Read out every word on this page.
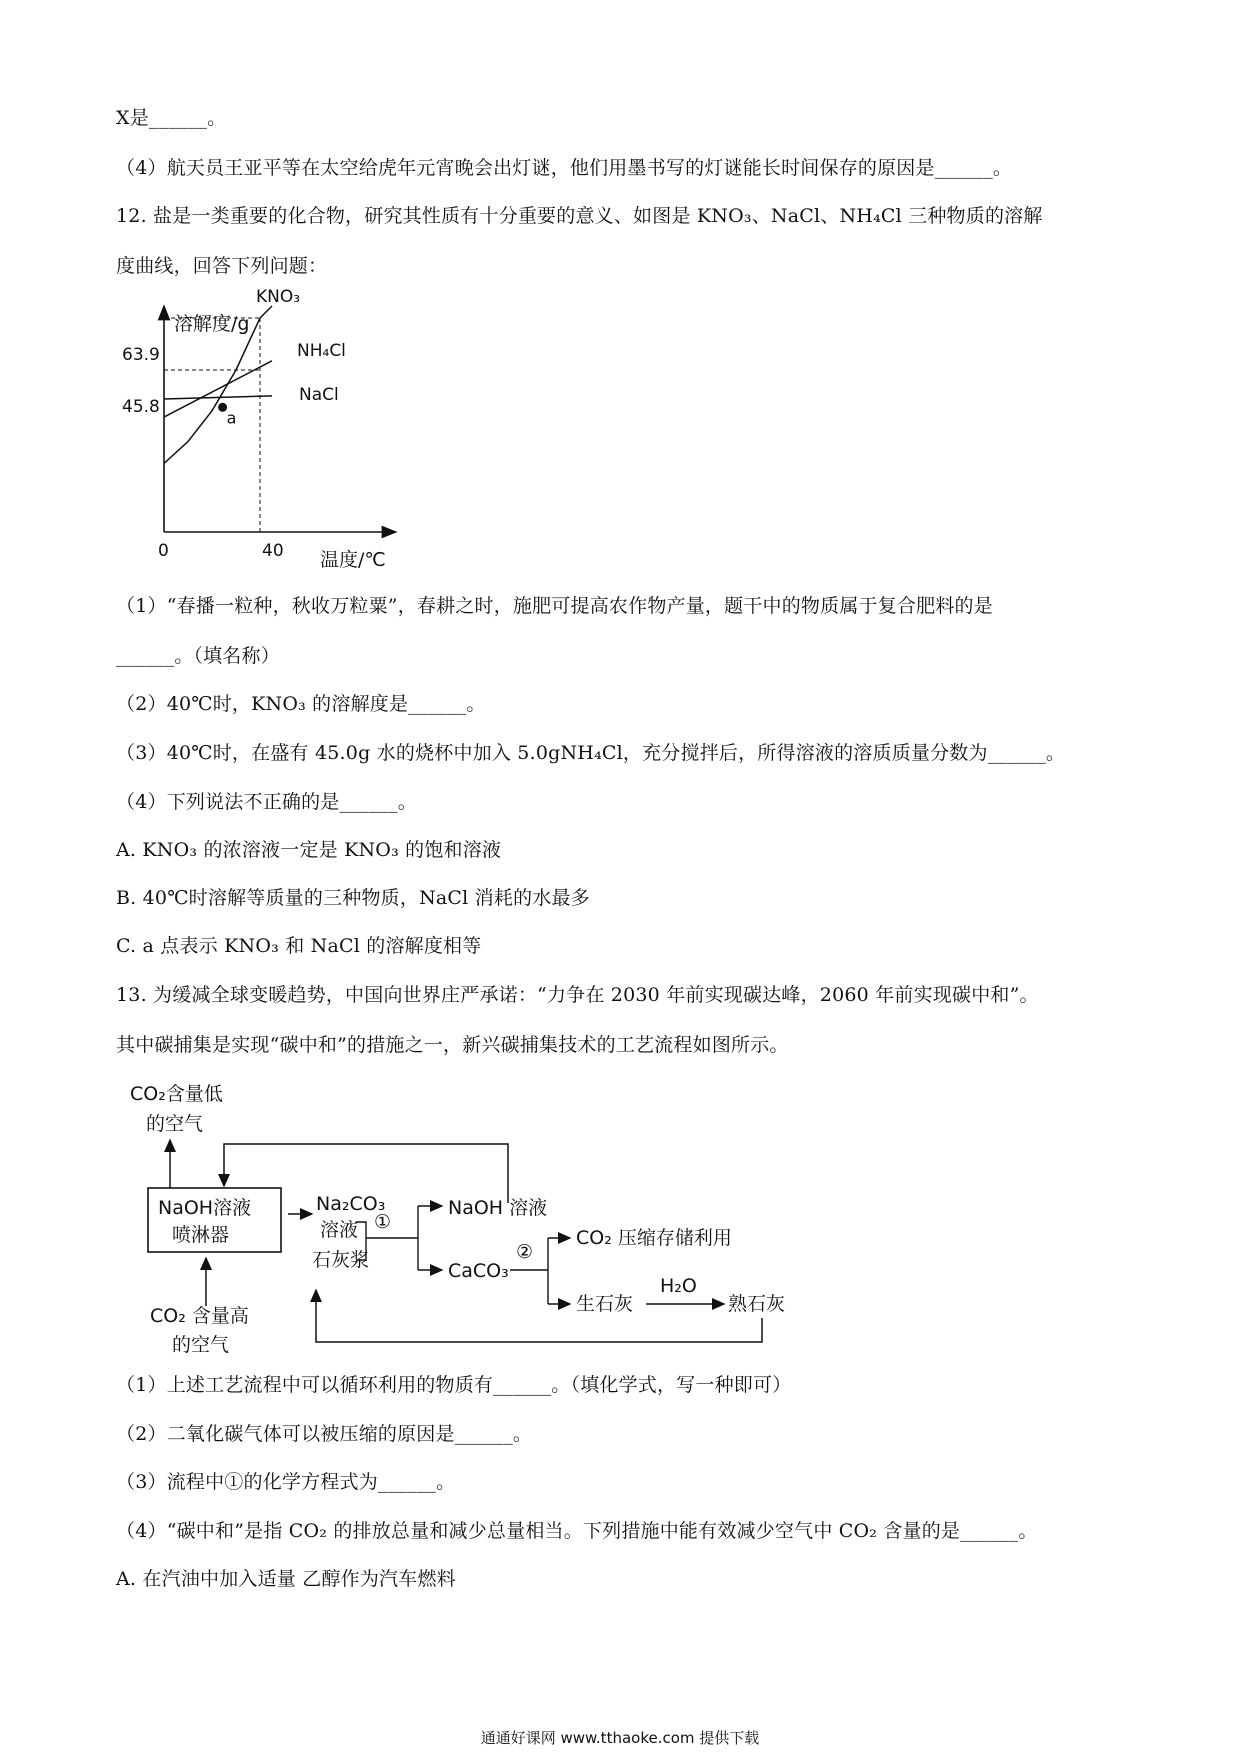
X是______。
（4）航天员王亚平等在太空给虎年元宵晚会出灯谜，他们用墨书写的灯谜能长时间保存的原因是______。
12. 盐是一类重要的化合物，研究其性质有十分重要的意义、如图是 KNO₃、NaCl、NH₄Cl 三种物质的溶解
度曲线，回答下列问题：
（1）“春播一粒种，秋收万粒粟”，春耕之时，施肥可提高农作物产量，题干中的物质属于复合肥料的是
______。（填名称）
（2）40℃时，KNO₃ 的溶解度是______。
（3）40℃时，在盛有 45.0g 水的烧杯中加入 5.0gNH₄Cl，充分搅拌后，所得溶液的溶质质量分数为______。
（4）下列说法不正确的是______。
A. KNO₃ 的浓溶液一定是 KNO₃ 的饱和溶液
B. 40℃时溶解等质量的三种物质，NaCl 消耗的水最多
C. a 点表示 KNO₃ 和 NaCl 的溶解度相等
13. 为缓减全球变暖趋势，中国向世界庄严承诺：“力争在 2030 年前实现碳达峰，2060 年前实现碳中和”。
其中碳捕集是实现“碳中和”的措施之一，新兴碳捕集技术的工艺流程如图所示。
（1）上述工艺流程中可以循环利用的物质有______。（填化学式，写一种即可）
（2）二氧化碳气体可以被压缩的原因是______。
（3）流程中①的化学方程式为______。
（4）“碳中和”是指 CO₂ 的排放总量和减少总量相当。下列措施中能有效减少空气中 CO₂ 含量的是______。
A. 在汽油中加入适量 乙醇作为汽车燃料
溶解度/g
温度/℃
0	40
63.9
45.8
a
KNO₃
NH₄Cl
NaCl
CO₂含量低
的空气
NaOH溶液
喷淋器
CO₂ 含量高
的空气
Na₂CO₃
溶液
石灰浆
①
NaOH 溶液
CaCO₃
②
CO₂ 压缩存储利用
生石灰
H₂O
熟石灰
通通好课网 www.tthaoke.com 提供下载
